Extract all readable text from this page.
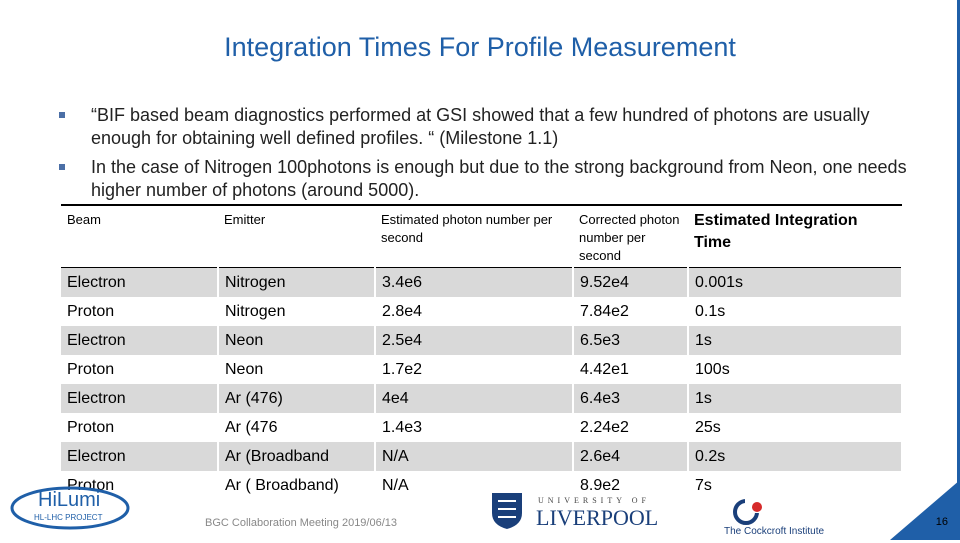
Integration Times For Profile Measurement
“BIF based beam diagnostics performed at GSI showed that a few hundred of photons are usually enough for obtaining well defined profiles. “ (Milestone 1.1)
In the case of Nitrogen 100photons is enough but due to the strong background from Neon, one needs higher number of photons (around 5000).
Beam	Emitter	Estimated photon number per second	Corrected photon number per second	Estimated Integration Time
Electron	Nitrogen	3.4e6	9.52e4	0.001s
Proton	Nitrogen	2.8e4	7.84e2	0.1s
Electron	Neon	2.5e4	6.5e3	1s
Proton	Neon	1.7e2	4.42e1	100s
Electron	Ar (476)	4e4	6.4e3	1s
Proton	Ar (476	1.4e3	2.24e2	25s
Electron	Ar (Broadband	N/A	2.6e4	0.2s
Proton	Ar ( Broadband)	N/A	8.9e2	7s
HiLumi
HL-LHC PROJECT	BGC Collaboration Meeting 2019/06/13
UNIVERSITY OF
LIVERPOOL
The Cockcroft Institute
16
